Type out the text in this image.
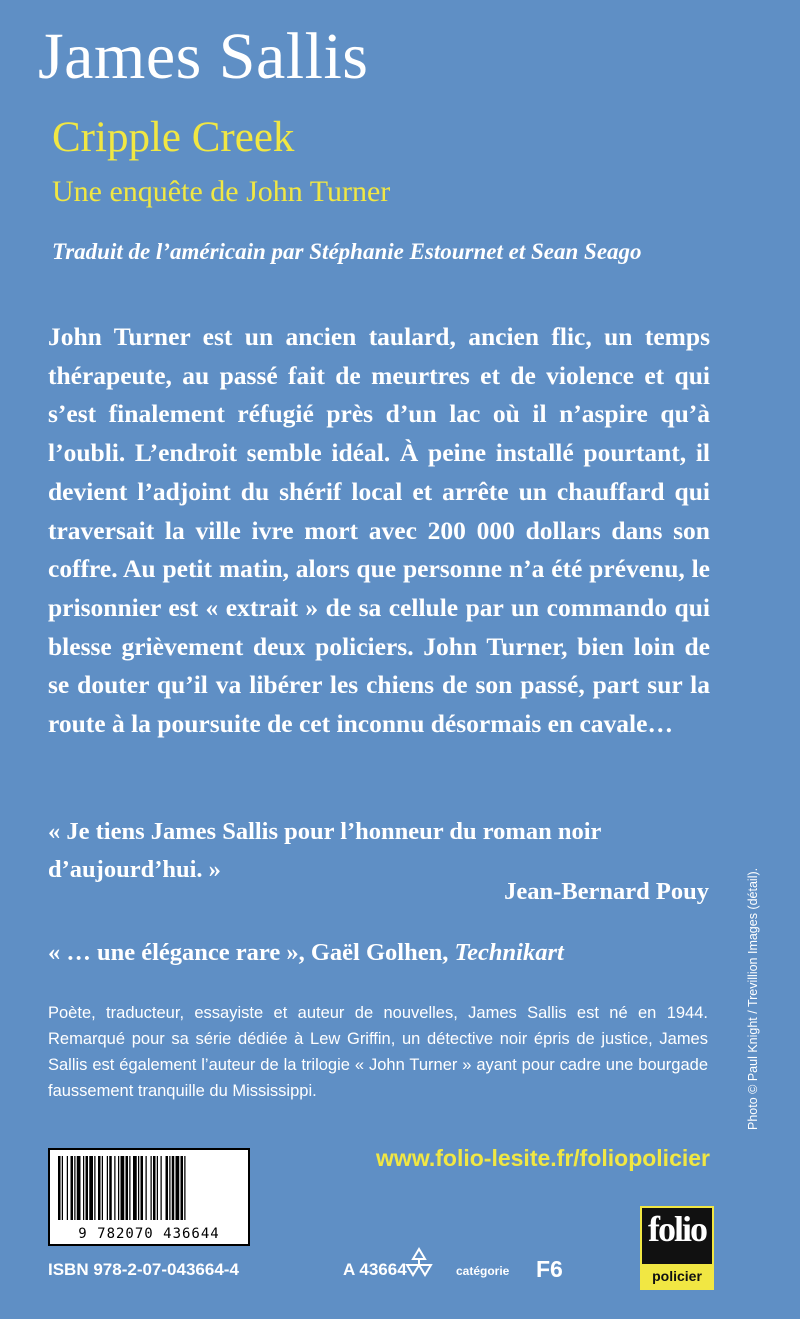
James Sallis
Cripple Creek
Une enquête de John Turner
Traduit de l’américain par Stéphanie Estournet et Sean Seago

John Turner est un ancien taulard, ancien flic, un temps thérapeute, au passé fait de meurtres et de violence et qui s’est finalement réfugié près d’un lac où il n’aspire qu’à l’oubli. L’endroit semble idéal. À peine installé pourtant, il devient l’adjoint du shérif local et arrête un chauffard qui traversait la ville ivre mort avec 200 000 dollars dans son coffre. Au petit matin, alors que personne n’a été prévenu, le prisonnier est « extrait » de sa cellule par un commando qui blesse grièvement deux policiers. John Turner, bien loin de se douter qu’il va libérer les chiens de son passé, part sur la route à la poursuite de cet inconnu désormais en cavale…

« Je tiens James Sallis pour l’honneur du roman noir d’aujourd’hui. »

Jean-Bernard Pouy
« … une élégance rare », Gaël Golhen, Technikart

Poète, traducteur, essayiste et auteur de nouvelles, James Sallis est né en 1944. Remarqué pour sa série dédiée à Lew Griffin, un détective noir épris de justice, James Sallis est également l’auteur de la trilogie « John Turner » ayant pour cadre une bourgade faussement tranquille du Mississippi.	Photo © Paul Knight / Trevillion Images (détail).
www.folio-lesite.fr/foliopolicier
9 782070 436644
ISBN 978-2-07-043664-4	A 43664	catégorie F6
folio
policier
